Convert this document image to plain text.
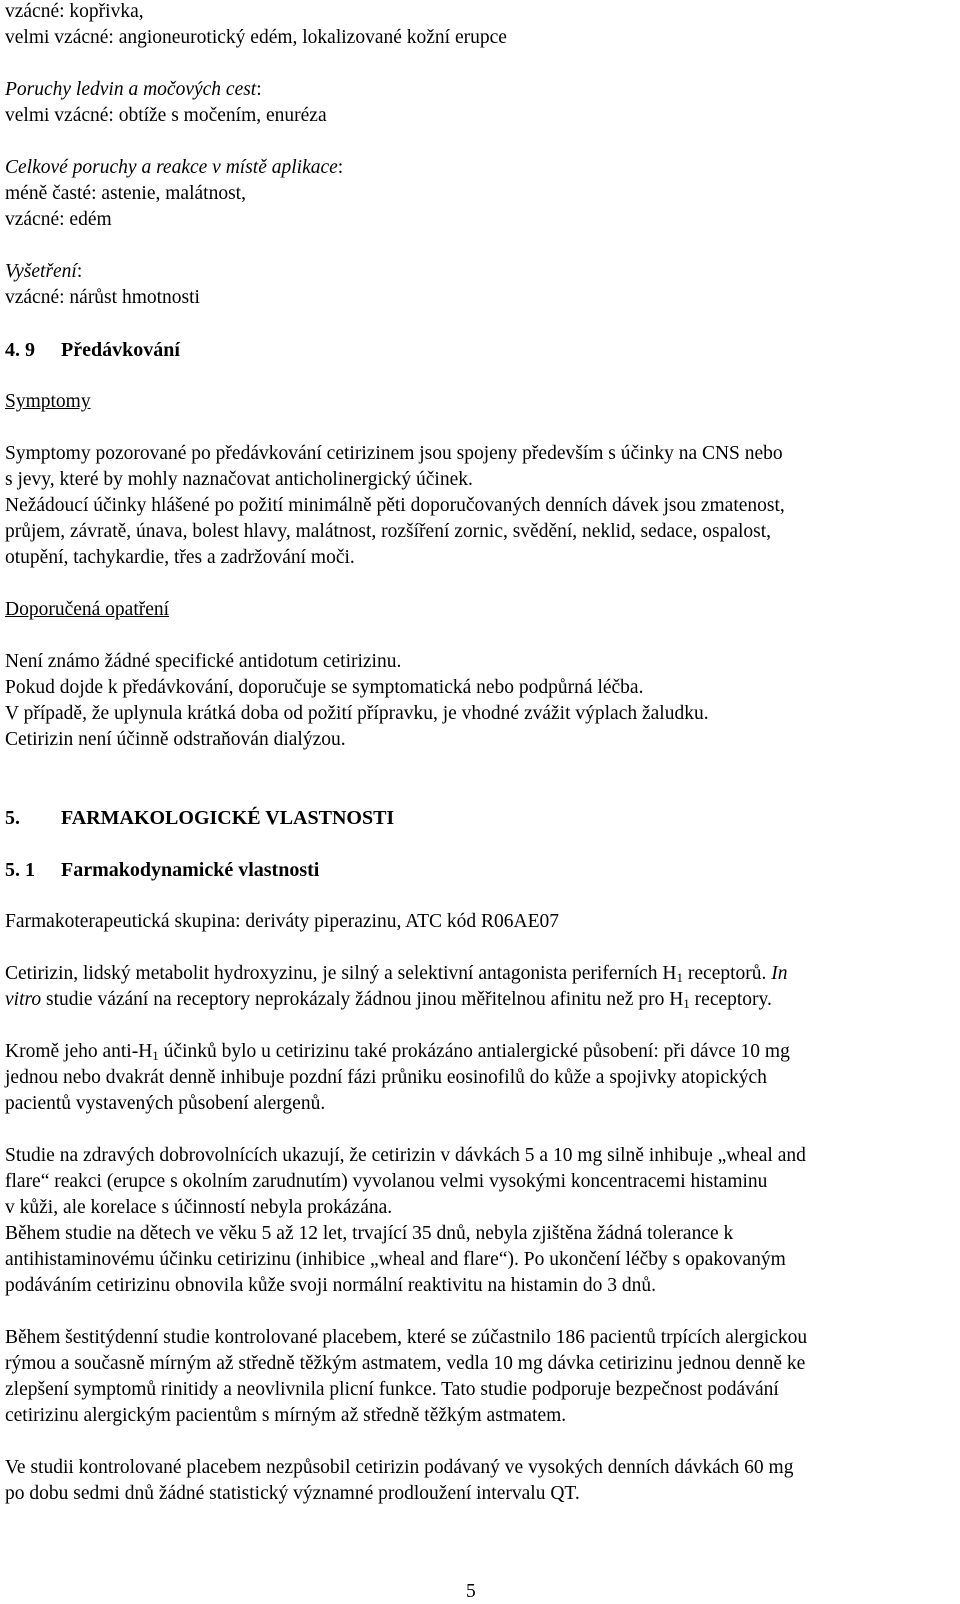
vzácné: kopřivka,
velmi vzácné: angioneurotický edém, lokalizované kožní erupce
Poruchy ledvin a močových cest:
velmi vzácné: obtíže s močením, enuréza
Celkové poruchy a reakce v místě aplikace:
méně časté: astenie, malátnost,
vzácné: edém
Vyšetření:
vzácné: nárůst hmotnosti
4. 9 Předávkování
Symptomy
Symptomy pozorované po předávkování cetirizinem jsou spojeny především s účinky na CNS nebo
s jevy, které by mohly naznačovat anticholinergický účinek.
Nežádoucí účinky hlášené po požití minimálně pěti doporučovaných denních dávek jsou zmatenost,
průjem, závratě, únava, bolest hlavy, malátnost, rozšíření zornic, svědění, neklid, sedace, ospalost,
otupění, tachykardie, třes a zadržování moči.
Doporučená opatření
Není známo žádné specifické antidotum cetirizinu.
Pokud dojde k předávkování, doporučuje se symptomatická nebo podpůrná léčba.
V případě, že uplynula krátká doba od požití přípravku, je vhodné zvážit výplach žaludku.
Cetirizin není účinně odstraňován dialýzou.
5. FARMAKOLOGICKÉ VLASTNOSTI
5. 1 Farmakodynamické vlastnosti
Farmakoterapeutická skupina: deriváty piperazinu, ATC kód R06AE07
Cetirizin, lidský metabolit hydroxyzinu, je silný a selektivní antagonista periferních $H_1$ receptorů. In
vitro studie vázání na receptory neprokázaly žádnou jinou měřitelnou afinitu než pro $H_1$ receptory.
Kromě jeho anti-$H_1$ účinků bylo u cetirizinu také prokázáno antialergické působení: při dávce 10 mg
jednou nebo dvakrát denně inhibuje pozdní fázi průniku eosinofilů do kůže a spojivky atopických
pacientů vystavených působení alergenů.
Studie na zdravých dobrovolnících ukazují, že cetirizin v dávkách 5 a 10 mg silně inhibuje „wheal and
flare“ reakci (erupce s okolním zarudnutím) vyvolanou velmi vysokými koncentracemi histaminu
v kůži, ale korelace s účinností nebyla prokázána.
Během studie na dětech ve věku 5 až 12 let, trvající 35 dnů, nebyla zjištěna žádná tolerance k
antihistaminovému účinku cetirizinu (inhibice „wheal and flare“). Po ukončení léčby s opakovaným
podáváním cetirizinu obnovila kůže svoji normální reaktivitu na histamin do 3 dnů.
Během šestitýdenní studie kontrolované placebem, které se zúčastnilo 186 pacientů trpících alergickou
rýmou a současně mírným až středně těžkým astmatem, vedla 10 mg dávka cetirizinu jednou denně ke
zlepšení symptomů rinitidy a neovlivnila plicní funkce. Tato studie podporuje bezpečnost podávání
cetirizinu alergickým pacientům s mírným až středně těžkým astmatem.
Ve studii kontrolované placebem nezpůsobil cetirizin podávaný ve vysokých denních dávkách 60 mg
po dobu sedmi dnů žádné statistický významné prodloužení intervalu QT.
5
